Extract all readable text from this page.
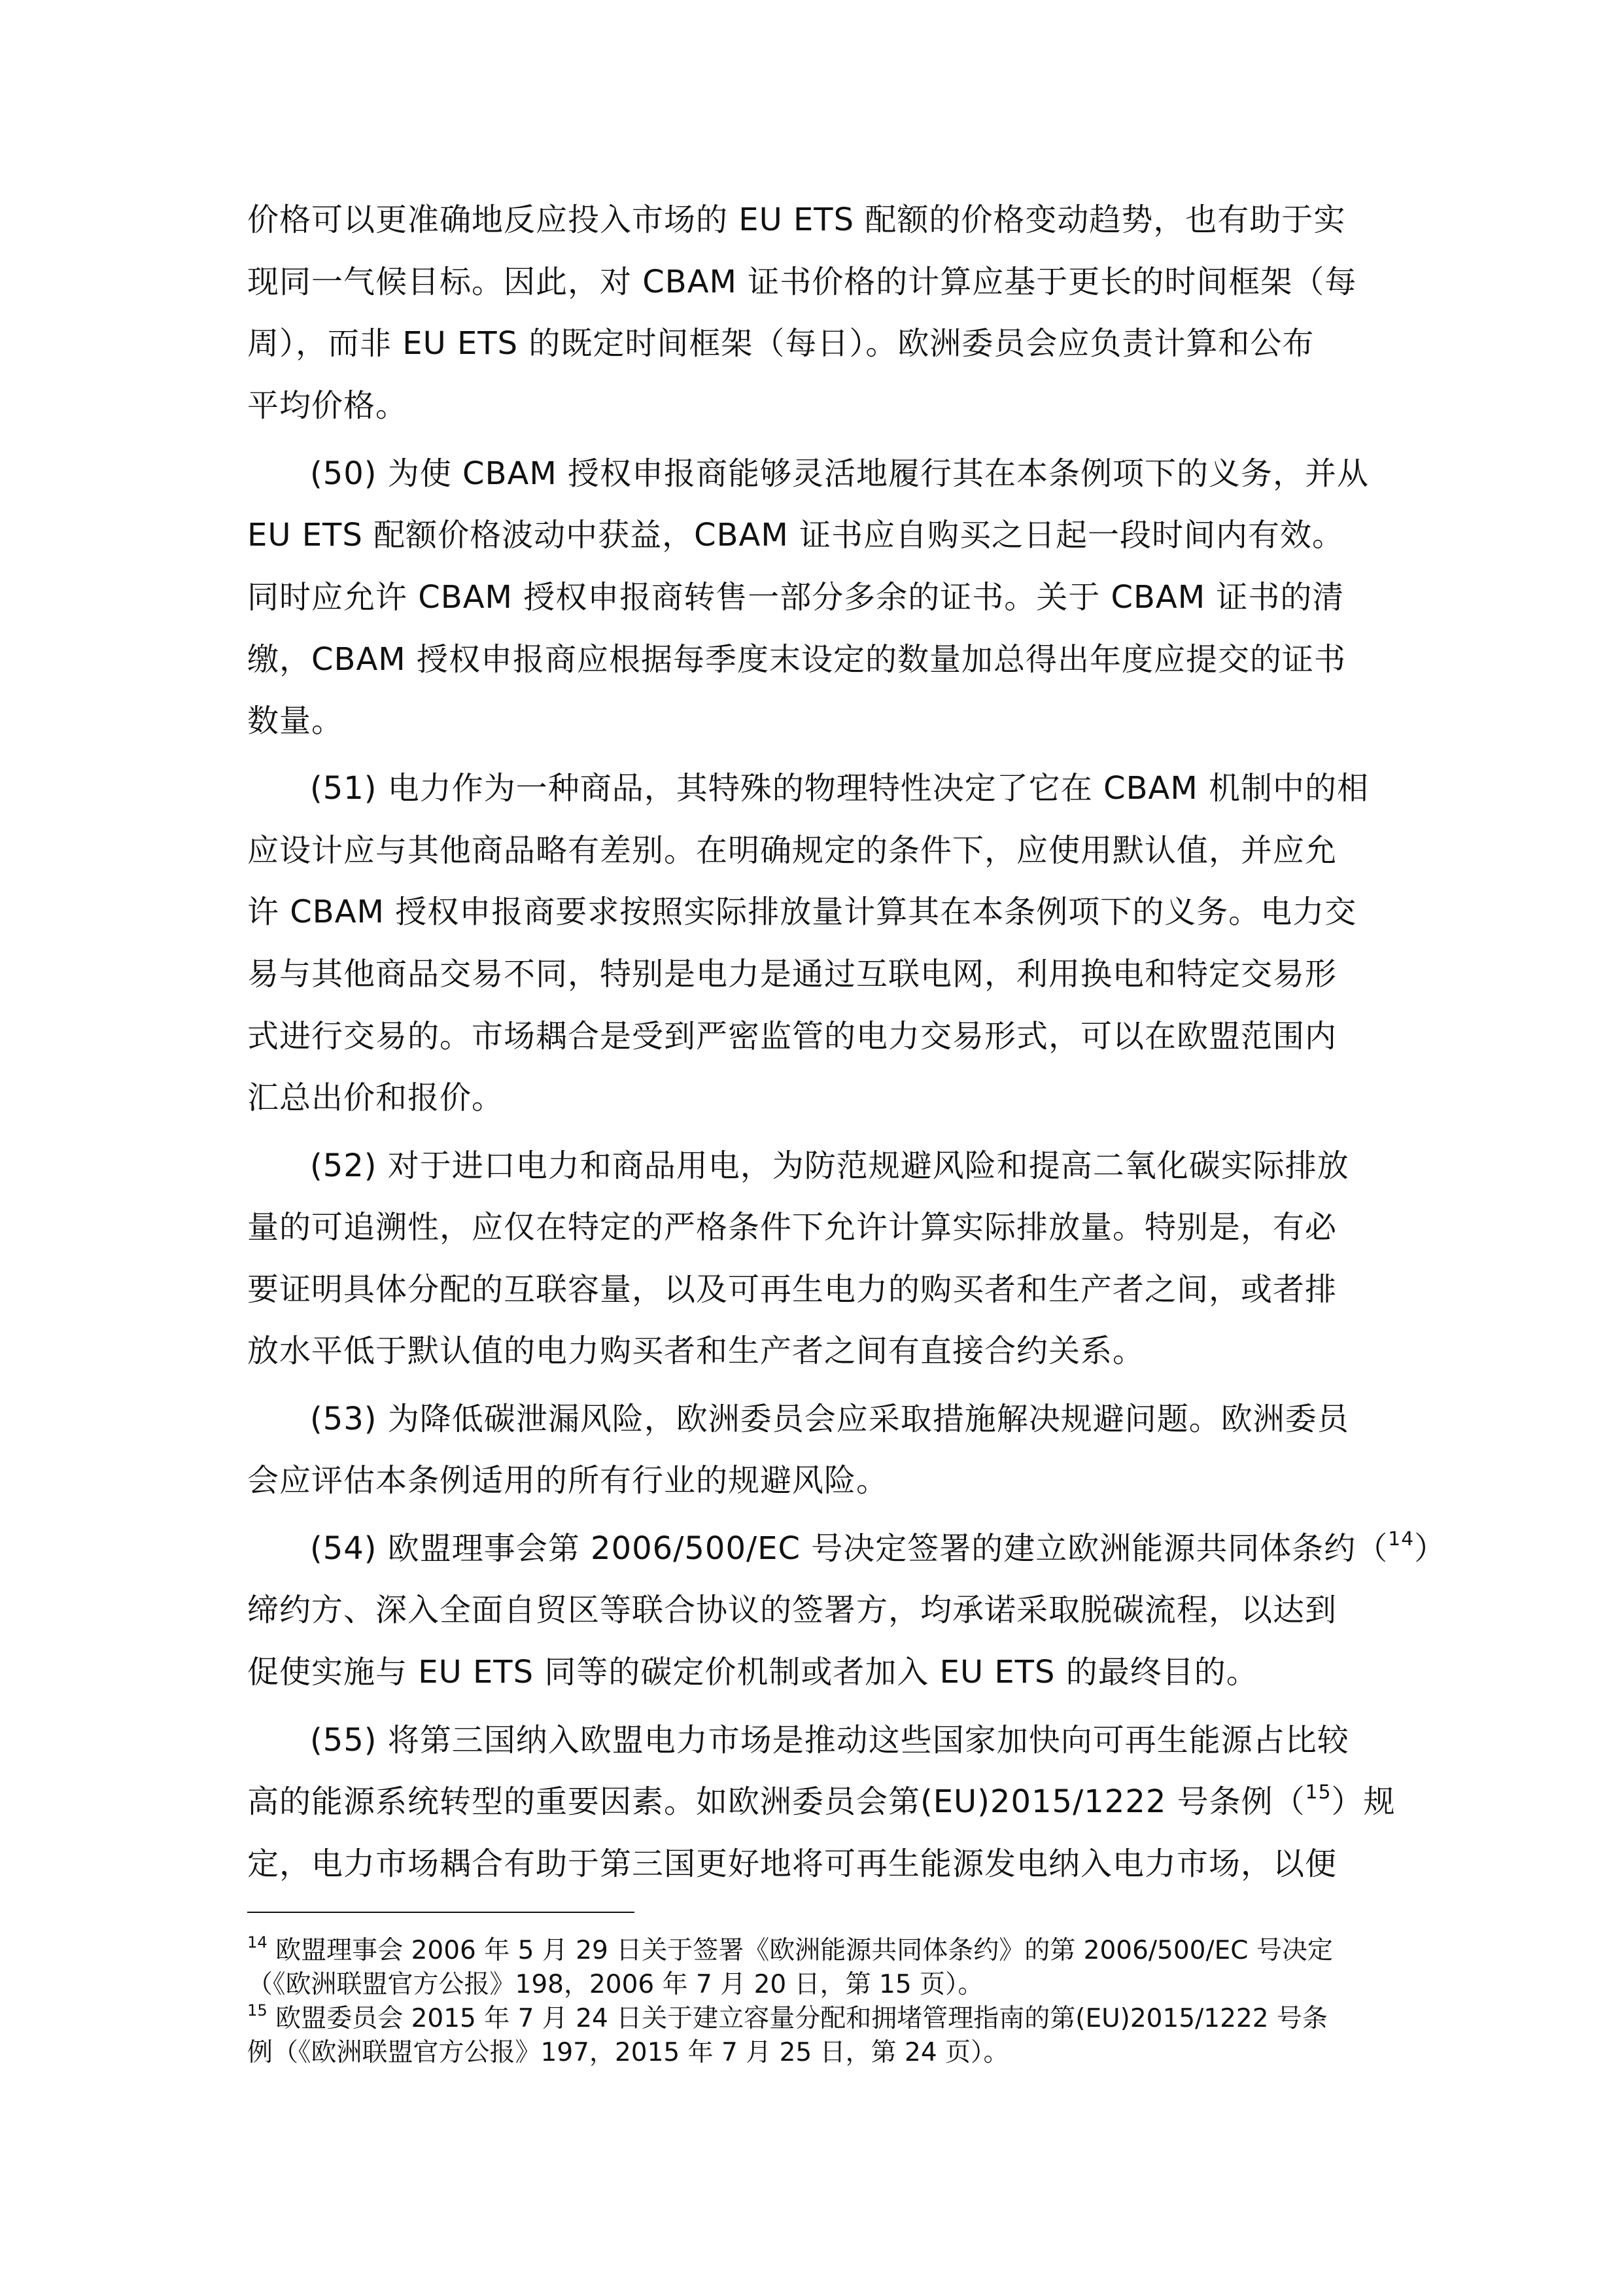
价格可以更准确地反应投入市场的 EU ETS 配额的价格变动趋势，也有助于实
现同一气候目标。因此，对 CBAM 证书价格的计算应基于更长的时间框架（每
周），而非 EU ETS 的既定时间框架（每日）。欧洲委员会应负责计算和公布
平均价格。
(50) 为使 CBAM 授权申报商能够灵活地履行其在本条例项下的义务，并从
EU ETS 配额价格波动中获益，CBAM 证书应自购买之日起一段时间内有效。
同时应允许 CBAM 授权申报商转售一部分多余的证书。关于 CBAM 证书的清
缴，CBAM 授权申报商应根据每季度末设定的数量加总得出年度应提交的证书
数量。
(51) 电力作为一种商品，其特殊的物理特性决定了它在 CBAM 机制中的相
应设计应与其他商品略有差别。在明确规定的条件下，应使用默认值，并应允
许 CBAM 授权申报商要求按照实际排放量计算其在本条例项下的义务。电力交
易与其他商品交易不同，特别是电力是通过互联电网，利用换电和特定交易形
式进行交易的。市场耦合是受到严密监管的电力交易形式，可以在欧盟范围内
汇总出价和报价。
(52) 对于进口电力和商品用电，为防范规避风险和提高二氧化碳实际排放
量的可追溯性，应仅在特定的严格条件下允许计算实际排放量。特别是，有必
要证明具体分配的互联容量，以及可再生电力的购买者和生产者之间，或者排
放水平低于默认值的电力购买者和生产者之间有直接合约关系。
(53) 为降低碳泄漏风险，欧洲委员会应采取措施解决规避问题。欧洲委员
会应评估本条例适用的所有行业的规避风险。
(54) 欧盟理事会第 2006/500/EC 号决定签署的建立欧洲能源共同体条约（$^{14}$）
缔约方、深入全面自贸区等联合协议的签署方，均承诺采取脱碳流程，以达到
促使实施与 EU ETS 同等的碳定价机制或者加入 EU ETS 的最终目的。
(55) 将第三国纳入欧盟电力市场是推动这些国家加快向可再生能源占比较
高的能源系统转型的重要因素。如欧洲委员会第(EU)2015/1222 号条例（$^{15}$）规
定，电力市场耦合有助于第三国更好地将可再生能源发电纳入电力市场，以便
$^{14}$ 欧盟理事会 2006 年 5 月 29 日关于签署《欧洲能源共同体条约》的第 2006/500/EC 号决定
（《欧洲联盟官方公报》198，2006 年 7 月 20 日，第 15 页）。
$^{15}$ 欧盟委员会 2015 年 7 月 24 日关于建立容量分配和拥堵管理指南的第(EU)2015/1222 号条
例（《欧洲联盟官方公报》197，2015 年 7 月 25 日，第 24 页）。
